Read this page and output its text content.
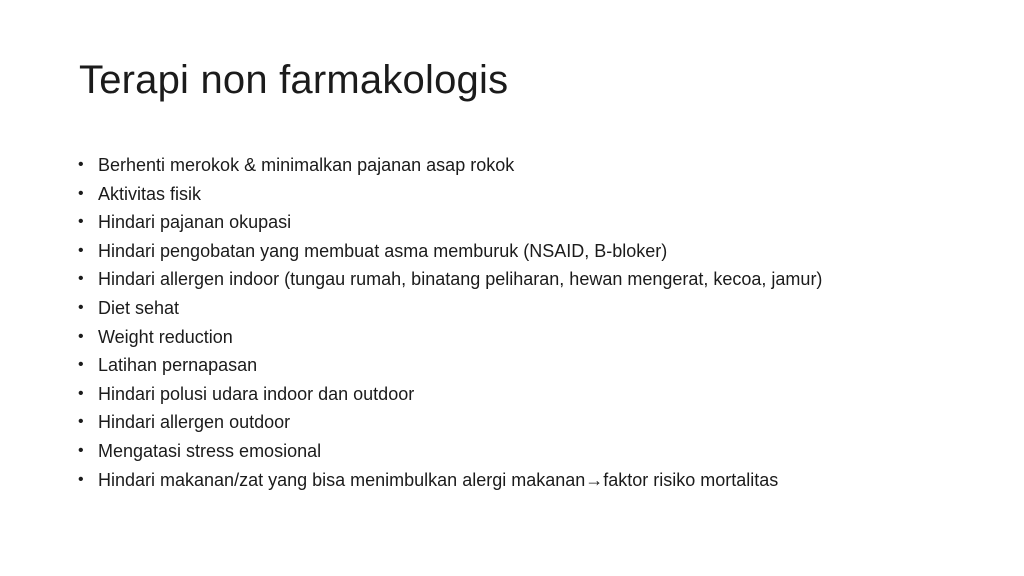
Terapi non farmakologis
• Berhenti merokok & minimalkan pajanan asap rokok
• Aktivitas fisik
• Hindari pajanan okupasi
• Hindari pengobatan yang membuat asma memburuk (NSAID, B-bloker)
• Hindari allergen indoor (tungau rumah, binatang peliharan, hewan mengerat, kecoa, jamur)
• Diet sehat
• Weight reduction
• Latihan pernapasan
• Hindari polusi udara indoor dan outdoor
• Hindari allergen outdoor
• Mengatasi stress emosional
• Hindari makanan/zat yang bisa menimbulkan alergi makanan→faktor risiko mortalitas
